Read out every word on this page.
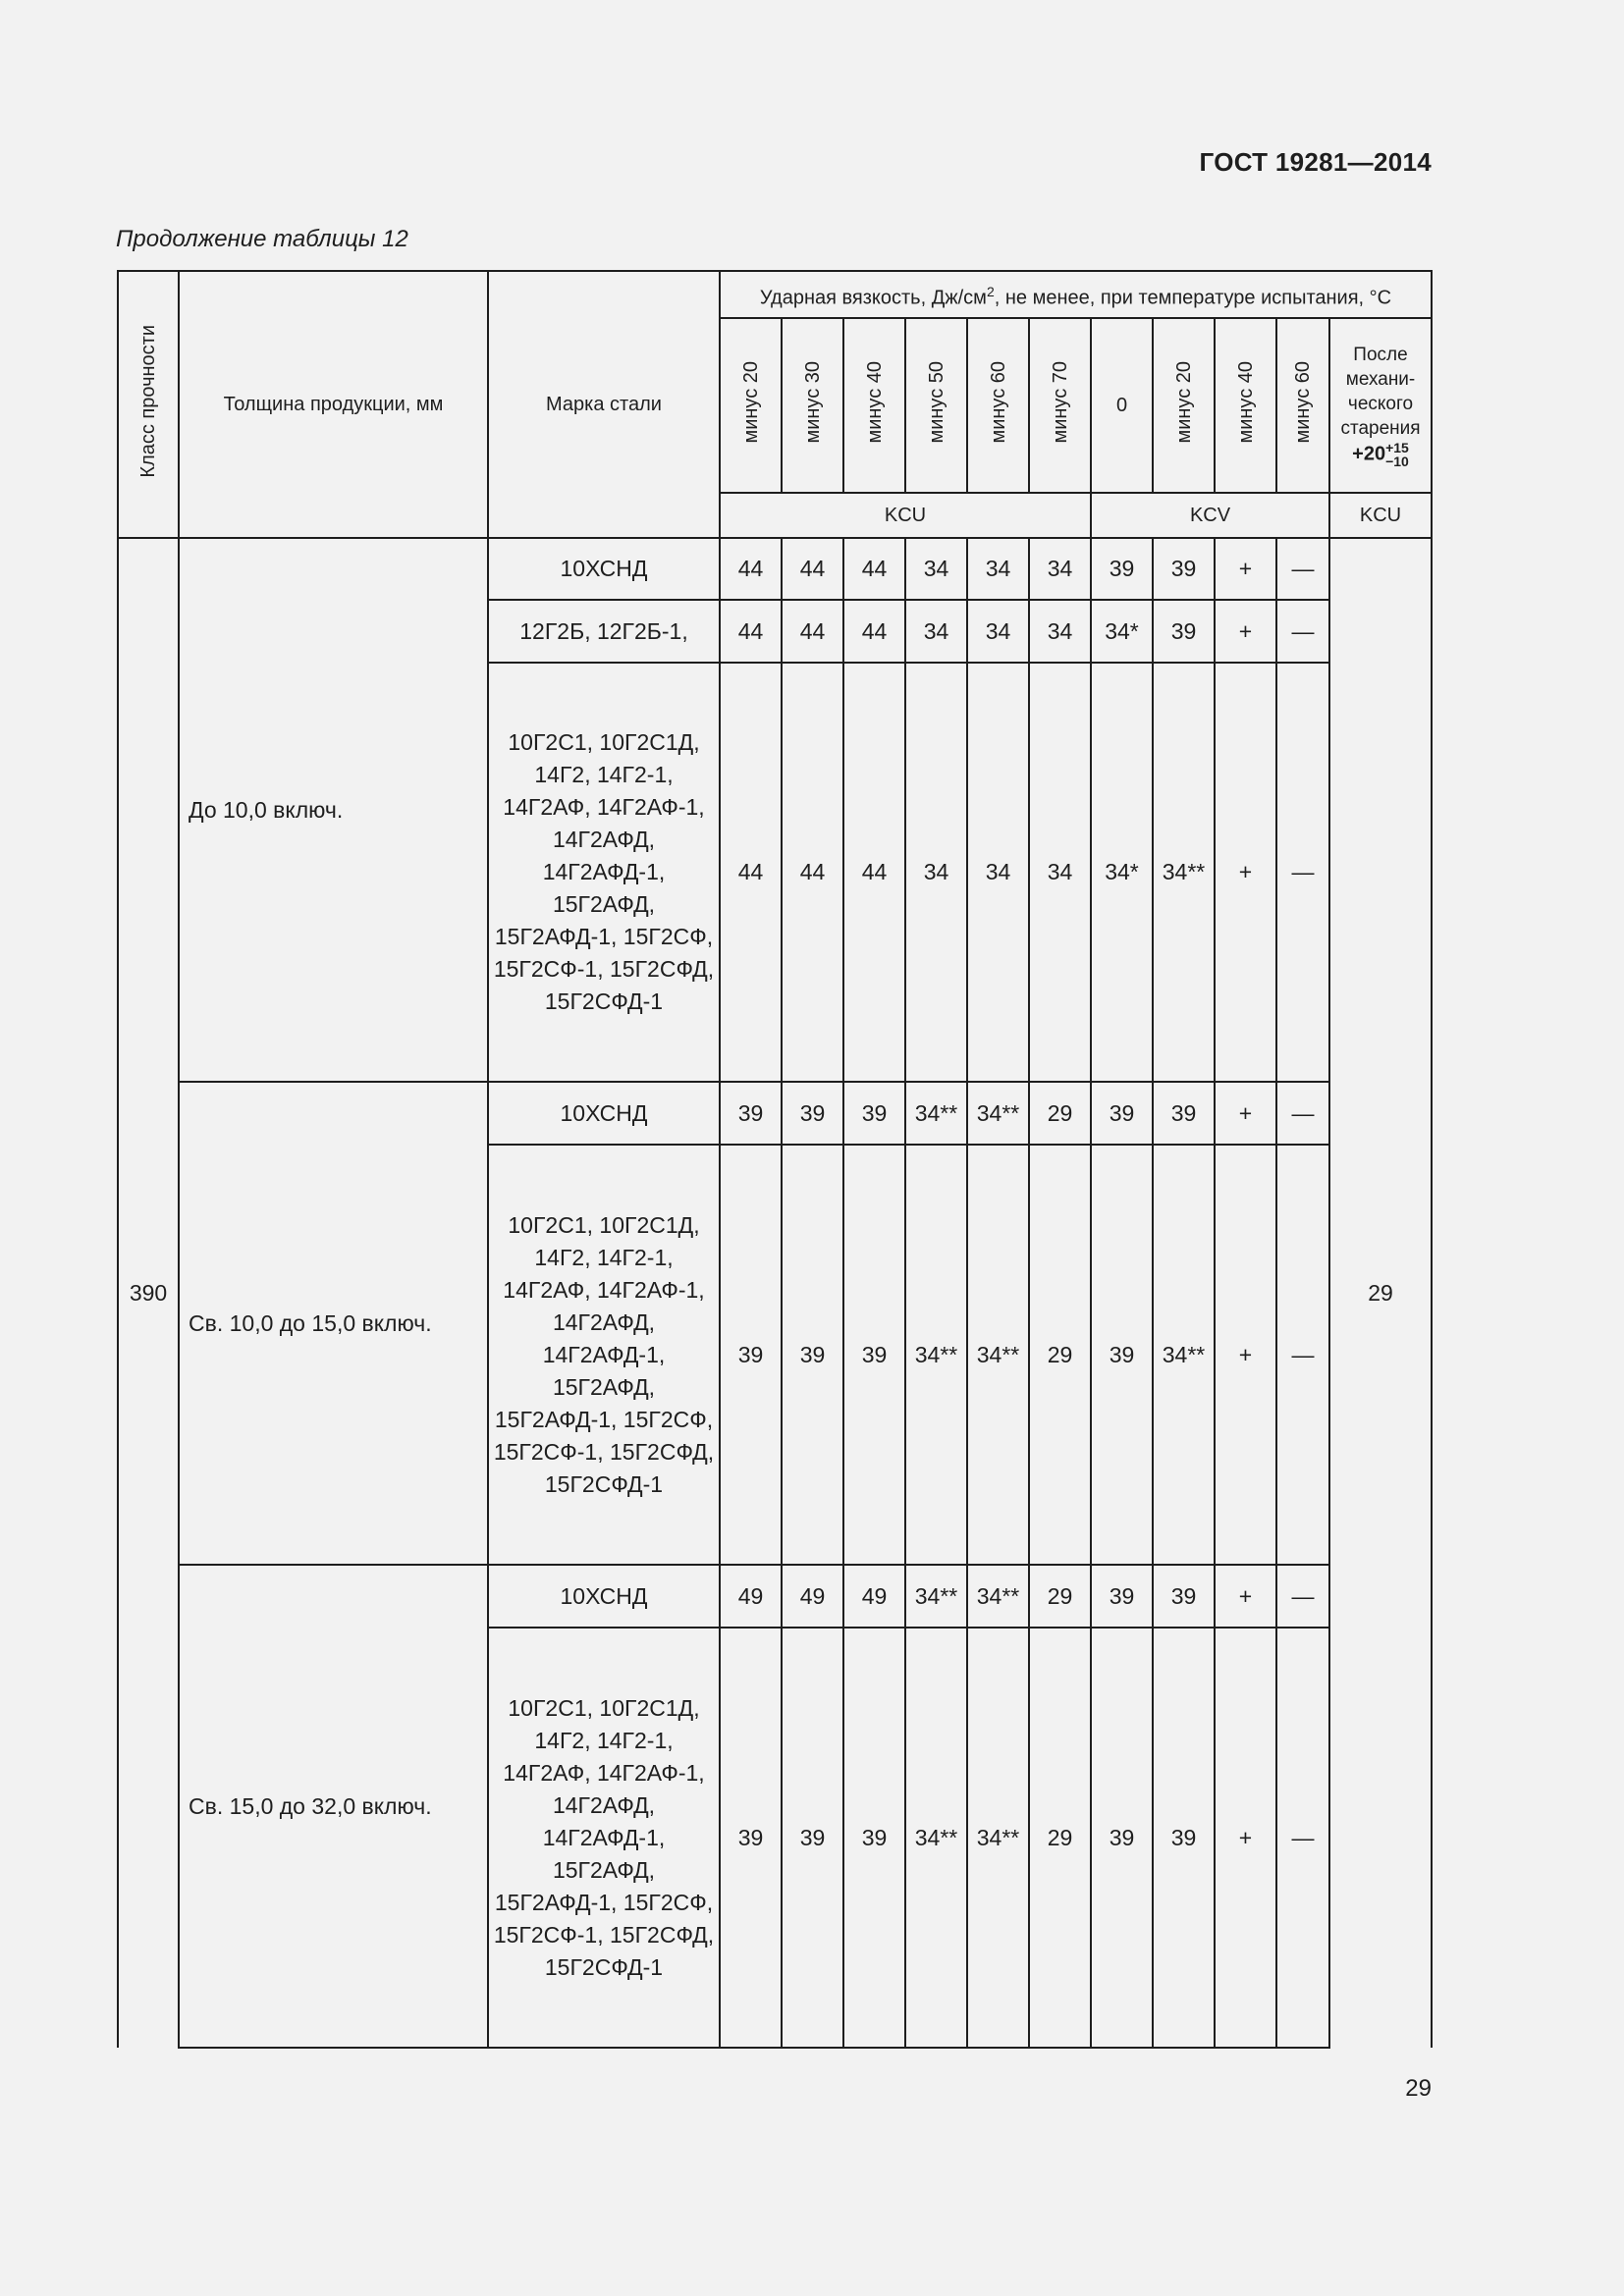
ГОСТ 19281—2014
Продолжение таблицы 12
Класс прочности	Толщина продукции, мм	Марка стали	Ударная вязкость, $Дж/см^2$, не менее, при температуре испытания, °С										
			минус 20	минус 30	минус 40	минус 50	минус 60	минус 70	0	минус 20	минус 40	минус 60	После механи-ческого старения
+20+15
−10

			KCU						KCV				KCU
390	До 10,0 включ.	10ХСНД	44	44	44	34	34	34	39	39	+	—	29
		12Г2Б, 12Г2Б-1,	44	44	44	34	34	34	34*	39	+	—	
		10Г2С1, 10Г2С1Д, 14Г2, 14Г2-1, 14Г2АФ, 14Г2АФ-1, 14Г2АФД, 14Г2АФД-1, 15Г2АФД, 15Г2АФД-1, 15Г2СФ, 15Г2СФ-1, 15Г2СФД, 15Г2СФД-1	44	44	44	34	34	34	34*	34**	+	—	
	Св. 10,0 до 15,0 включ.	10ХСНД	39	39	39	34**	34**	29	39	39	+	—	
		10Г2С1, 10Г2С1Д, 14Г2, 14Г2-1, 14Г2АФ, 14Г2АФ-1, 14Г2АФД, 14Г2АФД-1, 15Г2АФД, 15Г2АФД-1, 15Г2СФ, 15Г2СФ-1, 15Г2СФД, 15Г2СФД-1	39	39	39	34**	34**	29	39	34**	+	—	
	Св. 15,0 до 32,0 включ.	10ХСНД	49	49	49	34**	34**	29	39	39	+	—	
		10Г2С1, 10Г2С1Д, 14Г2, 14Г2-1, 14Г2АФ, 14Г2АФ-1, 14Г2АФД, 14Г2АФД-1, 15Г2АФД, 15Г2АФД-1, 15Г2СФ, 15Г2СФ-1, 15Г2СФД, 15Г2СФД-1	39	39	39	34**	34**	29	39	39	+	—	
29
